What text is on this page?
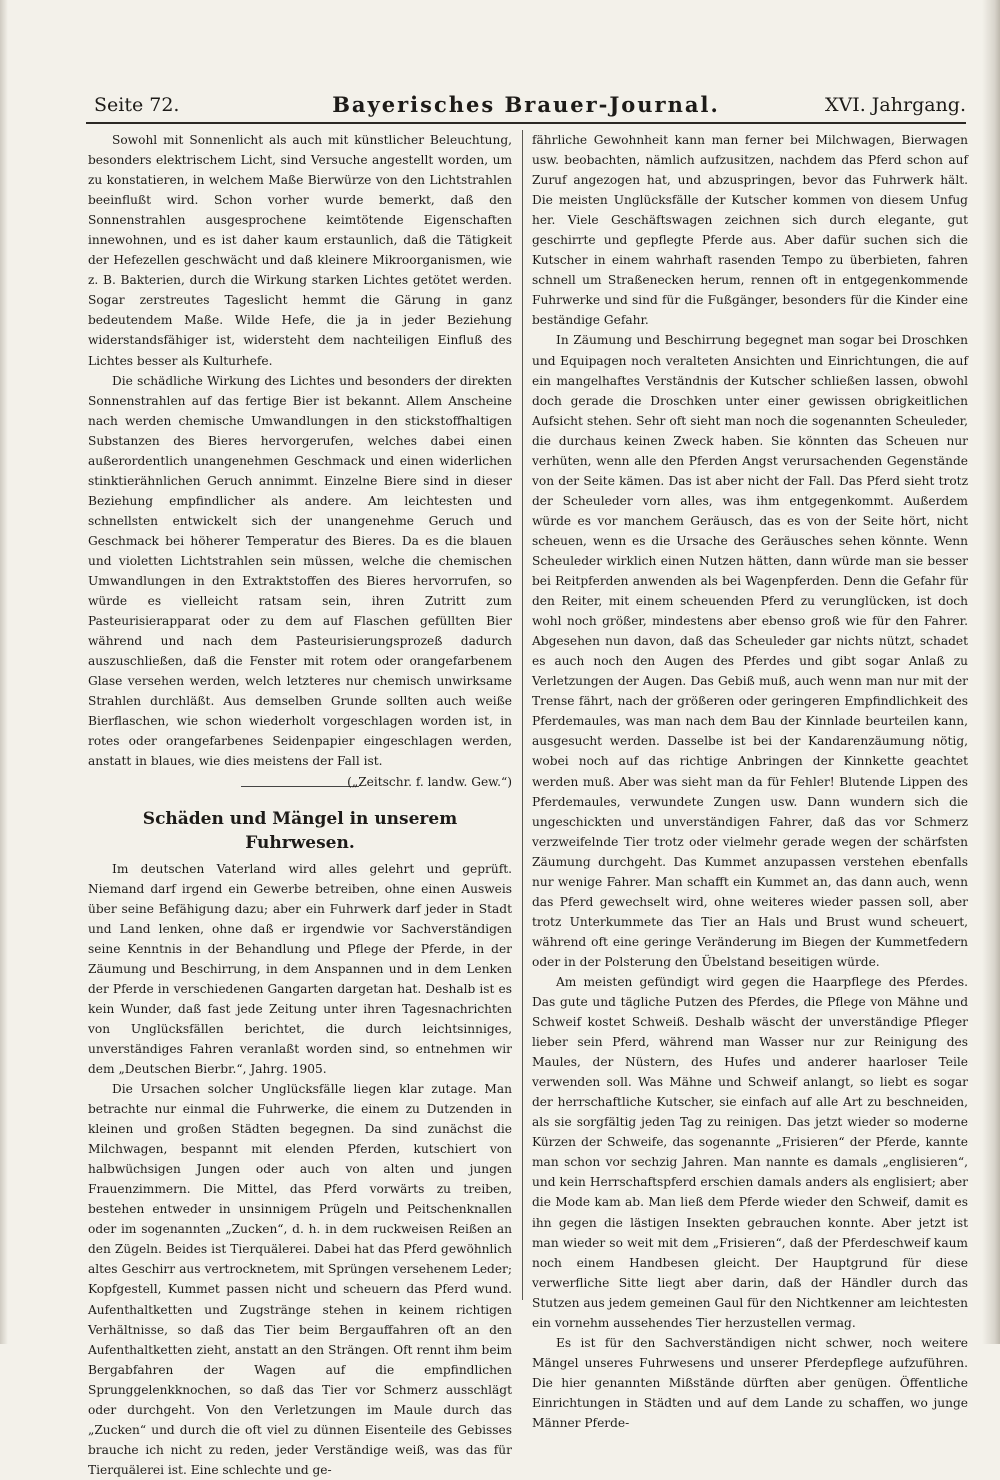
Seite 72.	Bayerisches Brauer-Journal.	XVI. Jahrgang.

Sowohl mit Sonnenlicht als auch mit künstlicher Beleuchtung, besonders elektrischem Licht, sind Versuche angestellt worden, um zu konstatieren, in welchem Maße Bierwürze von den Lichtstrahlen beeinflußt wird. Schon vorher wurde bemerkt, daß den Sonnenstrahlen ausgesprochene keimtötende Eigenschaften innewohnen, und es ist daher kaum erstaunlich, daß die Tätigkeit der Hefezellen geschwächt und daß kleinere Mikroorganismen, wie z. B. Bakterien, durch die Wirkung starken Lichtes getötet werden. Sogar zerstreutes Tageslicht hemmt die Gärung in ganz bedeutendem Maße. Wilde Hefe, die ja in jeder Beziehung widerstandsfähiger ist, widersteht dem nachteiligen Einfluß des Lichtes besser als Kulturhefe.

Die schädliche Wirkung des Lichtes und besonders der direkten Sonnenstrahlen auf das fertige Bier ist bekannt. Allem Anscheine nach werden chemische Umwandlungen in den stickstoffhaltigen Substanzen des Bieres hervorgerufen, welches dabei einen außerordentlich unangenehmen Geschmack und einen widerlichen stinktierähnlichen Geruch annimmt. Einzelne Biere sind in dieser Beziehung empfindlicher als andere. Am leichtesten und schnellsten entwickelt sich der unangenehme Geruch und Geschmack bei höherer Temperatur des Bieres. Da es die blauen und violetten Lichtstrahlen sein müssen, welche die chemischen Umwandlungen in den Extraktstoffen des Bieres hervorrufen, so würde es vielleicht ratsam sein, ihren Zutritt zum Pasteurisierapparat oder zu dem auf Flaschen gefüllten Bier während und nach dem Pasteurisierungsprozeß dadurch auszuschließen, daß die Fenster mit rotem oder orangefarbenem Glase versehen werden, welch letzteres nur chemisch unwirksame Strahlen durchläßt. Aus demselben Grunde sollten auch weiße Bierflaschen, wie schon wiederholt vorgeschlagen worden ist, in rotes oder orangefarbenes Seidenpapier eingeschlagen werden, anstatt in blaues, wie dies meistens der Fall ist.
(„Zeitschr. f. landw. Gew.“)

Schäden und Mängel in unserem Fuhrwesen.

Im deutschen Vaterland wird alles gelehrt und geprüft. Niemand darf irgend ein Gewerbe betreiben, ohne einen Ausweis über seine Befähigung dazu; aber ein Fuhrwerk darf jeder in Stadt und Land lenken, ohne daß er irgendwie vor Sachverständigen seine Kenntnis in der Behandlung und Pflege der Pferde, in der Zäumung und Beschirrung, in dem Anspannen und in dem Lenken der Pferde in verschiedenen Gangarten dargetan hat. Deshalb ist es kein Wunder, daß fast jede Zeitung unter ihren Tagesnachrichten von Unglücksfällen berichtet, die durch leichtsinniges, unverständiges Fahren veranlaßt worden sind, so entnehmen wir dem „Deutschen Bierbr.“, Jahrg. 1905.

Die Ursachen solcher Unglücksfälle liegen klar zutage. Man betrachte nur einmal die Fuhrwerke, die einem zu Dutzenden in kleinen und großen Städten begegnen. Da sind zunächst die Milchwagen, bespannt mit elenden Pferden, kutschiert von halbwüchsigen Jungen oder auch von alten und jungen Frauenzimmern. Die Mittel, das Pferd vorwärts zu treiben, bestehen entweder in unsinnigem Prügeln und Peitschenknallen oder im sogenannten „Zucken“, d. h. in dem ruckweisen Reißen an den Zügeln. Beides ist Tierquälerei. Dabei hat das Pferd gewöhnlich altes Geschirr aus vertrocknetem, mit Sprüngen versehenem Leder; Kopfgestell, Kummet passen nicht und scheuern das Pferd wund. Aufenthaltketten und Zugstränge stehen in keinem richtigen Verhältnisse, so daß das Tier beim Bergauffahren oft an den Aufenthaltketten zieht, anstatt an den Strängen. Oft rennt ihm beim Bergabfahren der Wagen auf die empfindlichen Sprunggelenkknochen, so daß das Tier vor Schmerz ausschlägt oder durchgeht. Von den Verletzungen im Maule durch das „Zucken“ und durch die oft viel zu dünnen Eisenteile des Gebisses brauche ich nicht zu reden, jeder Verständige weiß, was das für Tierquälerei ist. Eine schlechte und ge-

fährliche Gewohnheit kann man ferner bei Milchwagen, Bierwagen usw. beobachten, nämlich aufzusitzen, nachdem das Pferd schon auf Zuruf angezogen hat, und abzuspringen, bevor das Fuhrwerk hält. Die meisten Unglücksfälle der Kutscher kommen von diesem Unfug her. Viele Geschäftswagen zeichnen sich durch elegante, gut geschirrte und gepflegte Pferde aus. Aber dafür suchen sich die Kutscher in einem wahrhaft rasenden Tempo zu überbieten, fahren schnell um Straßenecken herum, rennen oft in entgegenkommende Fuhrwerke und sind für die Fußgänger, besonders für die Kinder eine beständige Gefahr.

In Zäumung und Beschirrung begegnet man sogar bei Droschken und Equipagen noch veralteten Ansichten und Einrichtungen, die auf ein mangelhaftes Verständnis der Kutscher schließen lassen, obwohl doch gerade die Droschken unter einer gewissen obrigkeitlichen Aufsicht stehen. Sehr oft sieht man noch die sogenannten Scheuleder, die durchaus keinen Zweck haben. Sie könnten das Scheuen nur verhüten, wenn alle den Pferden Angst verursachenden Gegenstände von der Seite kämen. Das ist aber nicht der Fall. Das Pferd sieht trotz der Scheuleder vorn alles, was ihm entgegenkommt. Außerdem würde es vor manchem Geräusch, das es von der Seite hört, nicht scheuen, wenn es die Ursache des Geräusches sehen könnte. Wenn Scheuleder wirklich einen Nutzen hätten, dann würde man sie besser bei Reitpferden anwenden als bei Wagenpferden. Denn die Gefahr für den Reiter, mit einem scheuenden Pferd zu verunglücken, ist doch wohl noch größer, mindestens aber ebenso groß wie für den Fahrer. Abgesehen nun davon, daß das Scheuleder gar nichts nützt, schadet es auch noch den Augen des Pferdes und gibt sogar Anlaß zu Verletzungen der Augen. Das Gebiß muß, auch wenn man nur mit der Trense fährt, nach der größeren oder geringeren Empfindlichkeit des Pferdemaules, was man nach dem Bau der Kinnlade beurteilen kann, ausgesucht werden. Dasselbe ist bei der Kandarenzäumung nötig, wobei noch auf das richtige Anbringen der Kinnkette geachtet werden muß. Aber was sieht man da für Fehler! Blutende Lippen des Pferdemaules, verwundete Zungen usw. Dann wundern sich die ungeschickten und unverständigen Fahrer, daß das vor Schmerz verzweifelnde Tier trotz oder vielmehr gerade wegen der schärfsten Zäumung durchgeht. Das Kummet anzupassen verstehen ebenfalls nur wenige Fahrer. Man schafft ein Kummet an, das dann auch, wenn das Pferd gewechselt wird, ohne weiteres wieder passen soll, aber trotz Unterkummete das Tier an Hals und Brust wund scheuert, während oft eine geringe Veränderung im Biegen der Kummetfedern oder in der Polsterung den Übelstand beseitigen würde.

Am meisten gefündigt wird gegen die Haarpflege des Pferdes. Das gute und tägliche Putzen des Pferdes, die Pflege von Mähne und Schweif kostet Schweiß. Deshalb wäscht der unverständige Pfleger lieber sein Pferd, während man Wasser nur zur Reinigung des Maules, der Nüstern, des Hufes und anderer haarloser Teile verwenden soll. Was Mähne und Schweif anlangt, so liebt es sogar der herrschaftliche Kutscher, sie einfach auf alle Art zu beschneiden, als sie sorgfältig jeden Tag zu reinigen. Das jetzt wieder so moderne Kürzen der Schweife, das sogenannte „Frisieren“ der Pferde, kannte man schon vor sechzig Jahren. Man nannte es damals „englisieren“, und kein Herrschaftspferd erschien damals anders als englisiert; aber die Mode kam ab. Man ließ dem Pferde wieder den Schweif, damit es ihn gegen die lästigen Insekten gebrauchen konnte. Aber jetzt ist man wieder so weit mit dem „Frisieren“, daß der Pferdeschweif kaum noch einem Handbesen gleicht. Der Hauptgrund für diese verwerfliche Sitte liegt aber darin, daß der Händler durch das Stutzen aus jedem gemeinen Gaul für den Nichtkenner am leichtesten ein vornehm aussehendes Tier herzustellen vermag.

Es ist für den Sachverständigen nicht schwer, noch weitere Mängel unseres Fuhrwesens und unserer Pferdepflege aufzuführen. Die hier genannten Mißstände dürften aber genügen. Öffentliche Einrichtungen in Städten und auf dem Lande zu schaffen, wo junge Männer Pferde-
